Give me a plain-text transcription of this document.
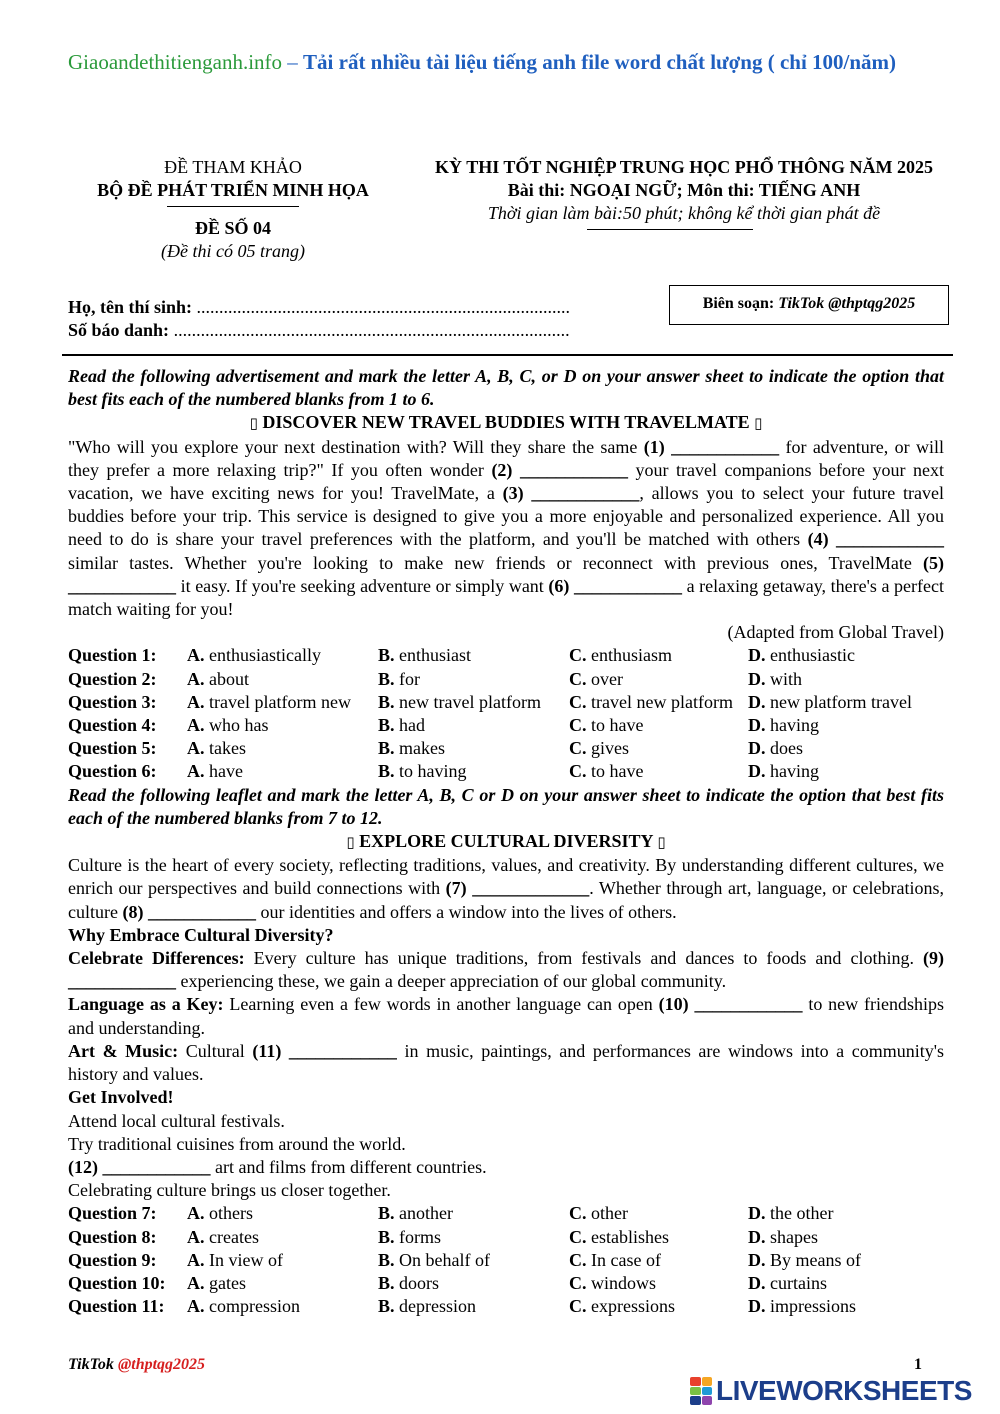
Giaoandethitienganh.info – Tải rất nhiều tài liệu tiếng anh file word chất lượng ( chỉ 100/năm)
ĐỀ THAM KHẢO
BỘ ĐỀ PHÁT TRIỂN MINH HỌA
ĐỀ SỐ 04
(Đề thi có 05 trang)
KỲ THI TỐT NGHIỆP TRUNG HỌC PHỔ THÔNG NĂM 2025
Bài thi: NGOẠI NGỮ; Môn thi: TIẾNG ANH
Thời gian làm bài:50 phút; không kể thời gian phát đề
Họ, tên thí sinh: ...................................................................................
Số báo danh: ........................................................................................
Biên soạn: TikTok @thptqg2025
Read the following advertisement and mark the letter A, B, C, or D on your answer sheet to indicate the option that best fits each of the numbered blanks from 1 to 6.
▯ DISCOVER NEW TRAVEL BUDDIES WITH TRAVELMATE ▯
"Who will you explore your next destination with? Will they share the same (1) ____________ for adventure, or will they prefer a more relaxing trip?" If you often wonder (2) ____________ your travel companions before your next vacation, we have exciting news for you! TravelMate, a (3) ____________, allows you to select your future travel buddies before your trip. This service is designed to give you a more enjoyable and personalized experience. All you need to do is share your travel preferences with the platform, and you'll be matched with others (4) ____________ similar tastes. Whether you're looking to make new friends or reconnect with previous ones, TravelMate (5) ____________ it easy. If you're seeking adventure or simply want (6) ____________ a relaxing getaway, there's a perfect match waiting for you!
(Adapted from Global Travel)
Question 1:	A. enthusiastically	B. enthusiast	C. enthusiasm	D. enthusiastic
Question 2:	A. about	B. for	C. over	D. with
Question 3:	A. travel platform new	B. new travel platform	C. travel new platform D. new platform travel
Question 4:	A. who has	B. had	C. to have	D. having
Question 5:	A. takes	B. makes	C. gives	D. does
Question 6:	A. have	B. to having	C. to have	D. having
Read the following leaflet and mark the letter A, B, C or D on your answer sheet to indicate the option that best fits each of the numbered blanks from 7 to 12.
▯ EXPLORE CULTURAL DIVERSITY ▯
Culture is the heart of every society, reflecting traditions, values, and creativity. By understanding different cultures, we enrich our perspectives and build connections with (7) _____________. Whether through art, language, or celebrations, culture (8) ____________ our identities and offers a window into the lives of others.
Why Embrace Cultural Diversity?
Celebrate Differences: Every culture has unique traditions, from festivals and dances to foods and clothing. (9) ____________ experiencing these, we gain a deeper appreciation of our global community.
Language as a Key: Learning even a few words in another language can open (10) ____________ to new friendships and understanding.
Art & Music: Cultural (11) ____________ in music, paintings, and performances are windows into a community's history and values.
Get Involved!
Attend local cultural festivals.
Try traditional cuisines from around the world.
(12) ____________ art and films from different countries.
Celebrating culture brings us closer together.
Question 7:	A. others	B. another	C. other	D. the other
Question 8:	A. creates	B. forms	C. establishes	D. shapes
Question 9:	A. In view of	B. On behalf of	C. In case of	D. By means of
Question 10:	A. gates	B. doors	C. windows	D. curtains
Question 11:	A. compression	B. depression	C. expressions	D. impressions
TikTok @thptqg2025	1
LIVEWORKSHEETS
